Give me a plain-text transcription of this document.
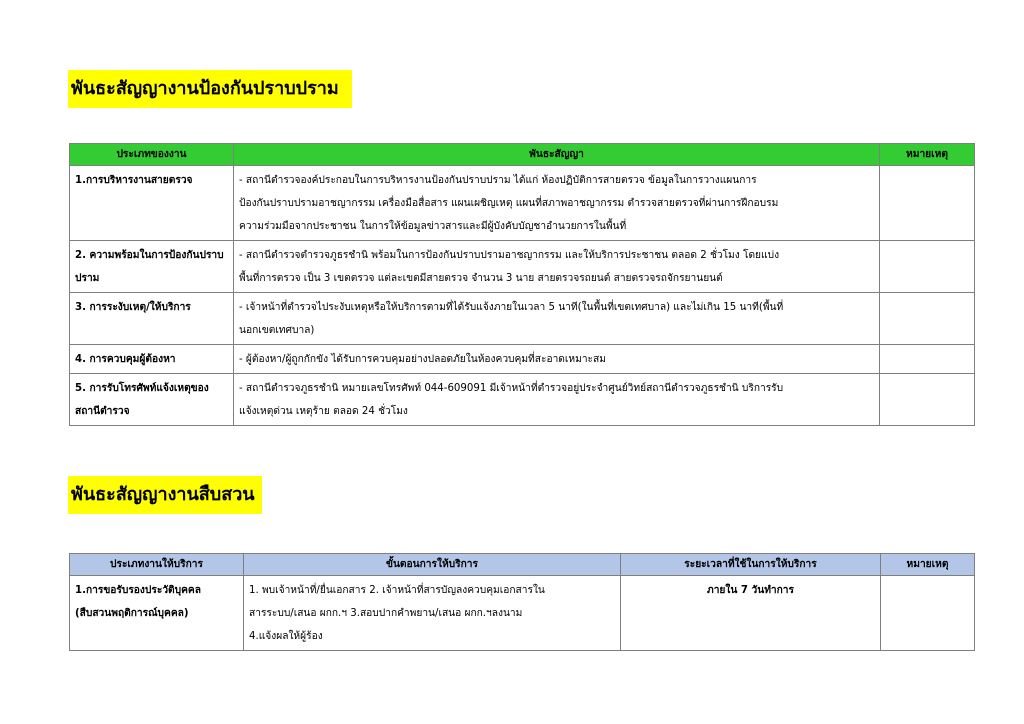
พันธะสัญญางานป้องกันปราบปราม
ประเภทของงาน	พันธะสัญญา	หมายเหตุ
1.การบริหารงานสายตรวจ	- สถานีตำรวจองค์ประกอบในการบริหารงานป้องกันปราบปราม ได้แก่ ห้องปฏิบัติการสายตรวจ ข้อมูลในการวางแผนการ
ป้องกันปราบปรามอาชญากรรม เครื่องมือสื่อสาร แผนเผชิญเหตุ แผนที่สภาพอาชญากรรม ตำรวจสายตรวจที่ผ่านการฝึกอบรม
ความร่วมมือจากประชาชน ในการให้ข้อมูลข่าวสารและมีผู้บังคับบัญชาอำนวยการในพื้นที่	

2. ความพร้อมในการป้องกันปราบปราม	- สถานีตำรวจตำรวจภูธรชำนิ พร้อมในการป้องกันปราบปรามอาชญากรรม และให้บริการประชาชน ตลอด 2 ชั่วโมง โดยแบ่ง
พื้นที่การตรวจ เป็น 3 เขตตรวจ แต่ละเขตมีสายตรวจ จำนวน 3 นาย สายตรวจรถยนต์ สายตรวจรถจักรยานยนต์	

3. การระงับเหตุ/ให้บริการ	- เจ้าหน้าที่ตำรวจไประงับเหตุหรือให้บริการตามที่ได้รับแจ้งภายในเวลา 5 นาที(ในพื้นที่เขตเทศบาล) และไม่เกิน 15 นาที(พื้นที่
นอกเขตเทศบาล)	

4. การควบคุมผู้ต้องหา	- ผู้ต้องหา/ผู้ถูกกักขัง ได้รับการควบคุมอย่างปลอดภัยในห้องควบคุมที่สะอาดเหมาะสม	

5. การรับโทรศัพท์แจ้งเหตุของสถานีตำรวจ	- สถานีตำรวจภูธรชำนิ หมายเลขโทรศัพท์ 044-609091 มีเจ้าหน้าที่ตำรวจอยู่ประจำศูนย์วิทย์สถานีตำรวจภูธรชำนิ บริการรับ
แจ้งเหตุด่วน เหตุร้าย ตลอด 24 ชั่วโมง	

พันธะสัญญางานสืบสวน
ประเภทงานให้บริการ	ขั้นตอนการให้บริการ	ระยะเวลาที่ใช้ในการให้บริการ	หมายเหตุ
1.การขอรับรองประวัติบุคคล (สืบสวนพฤติการณ์บุคคล)	1. พบเจ้าหน้าที่/ยื่นเอกสาร 2. เจ้าหน้าที่สารบัญลงควบคุมเอกสารใน
สารระบบ/เสนอ ผกก.ฯ 3.สอบปากคำพยาน/เสนอ ผกก.ฯลงนาม
4.แจ้งผลให้ผู้ร้อง	ภายใน 7 วันทำการ	
